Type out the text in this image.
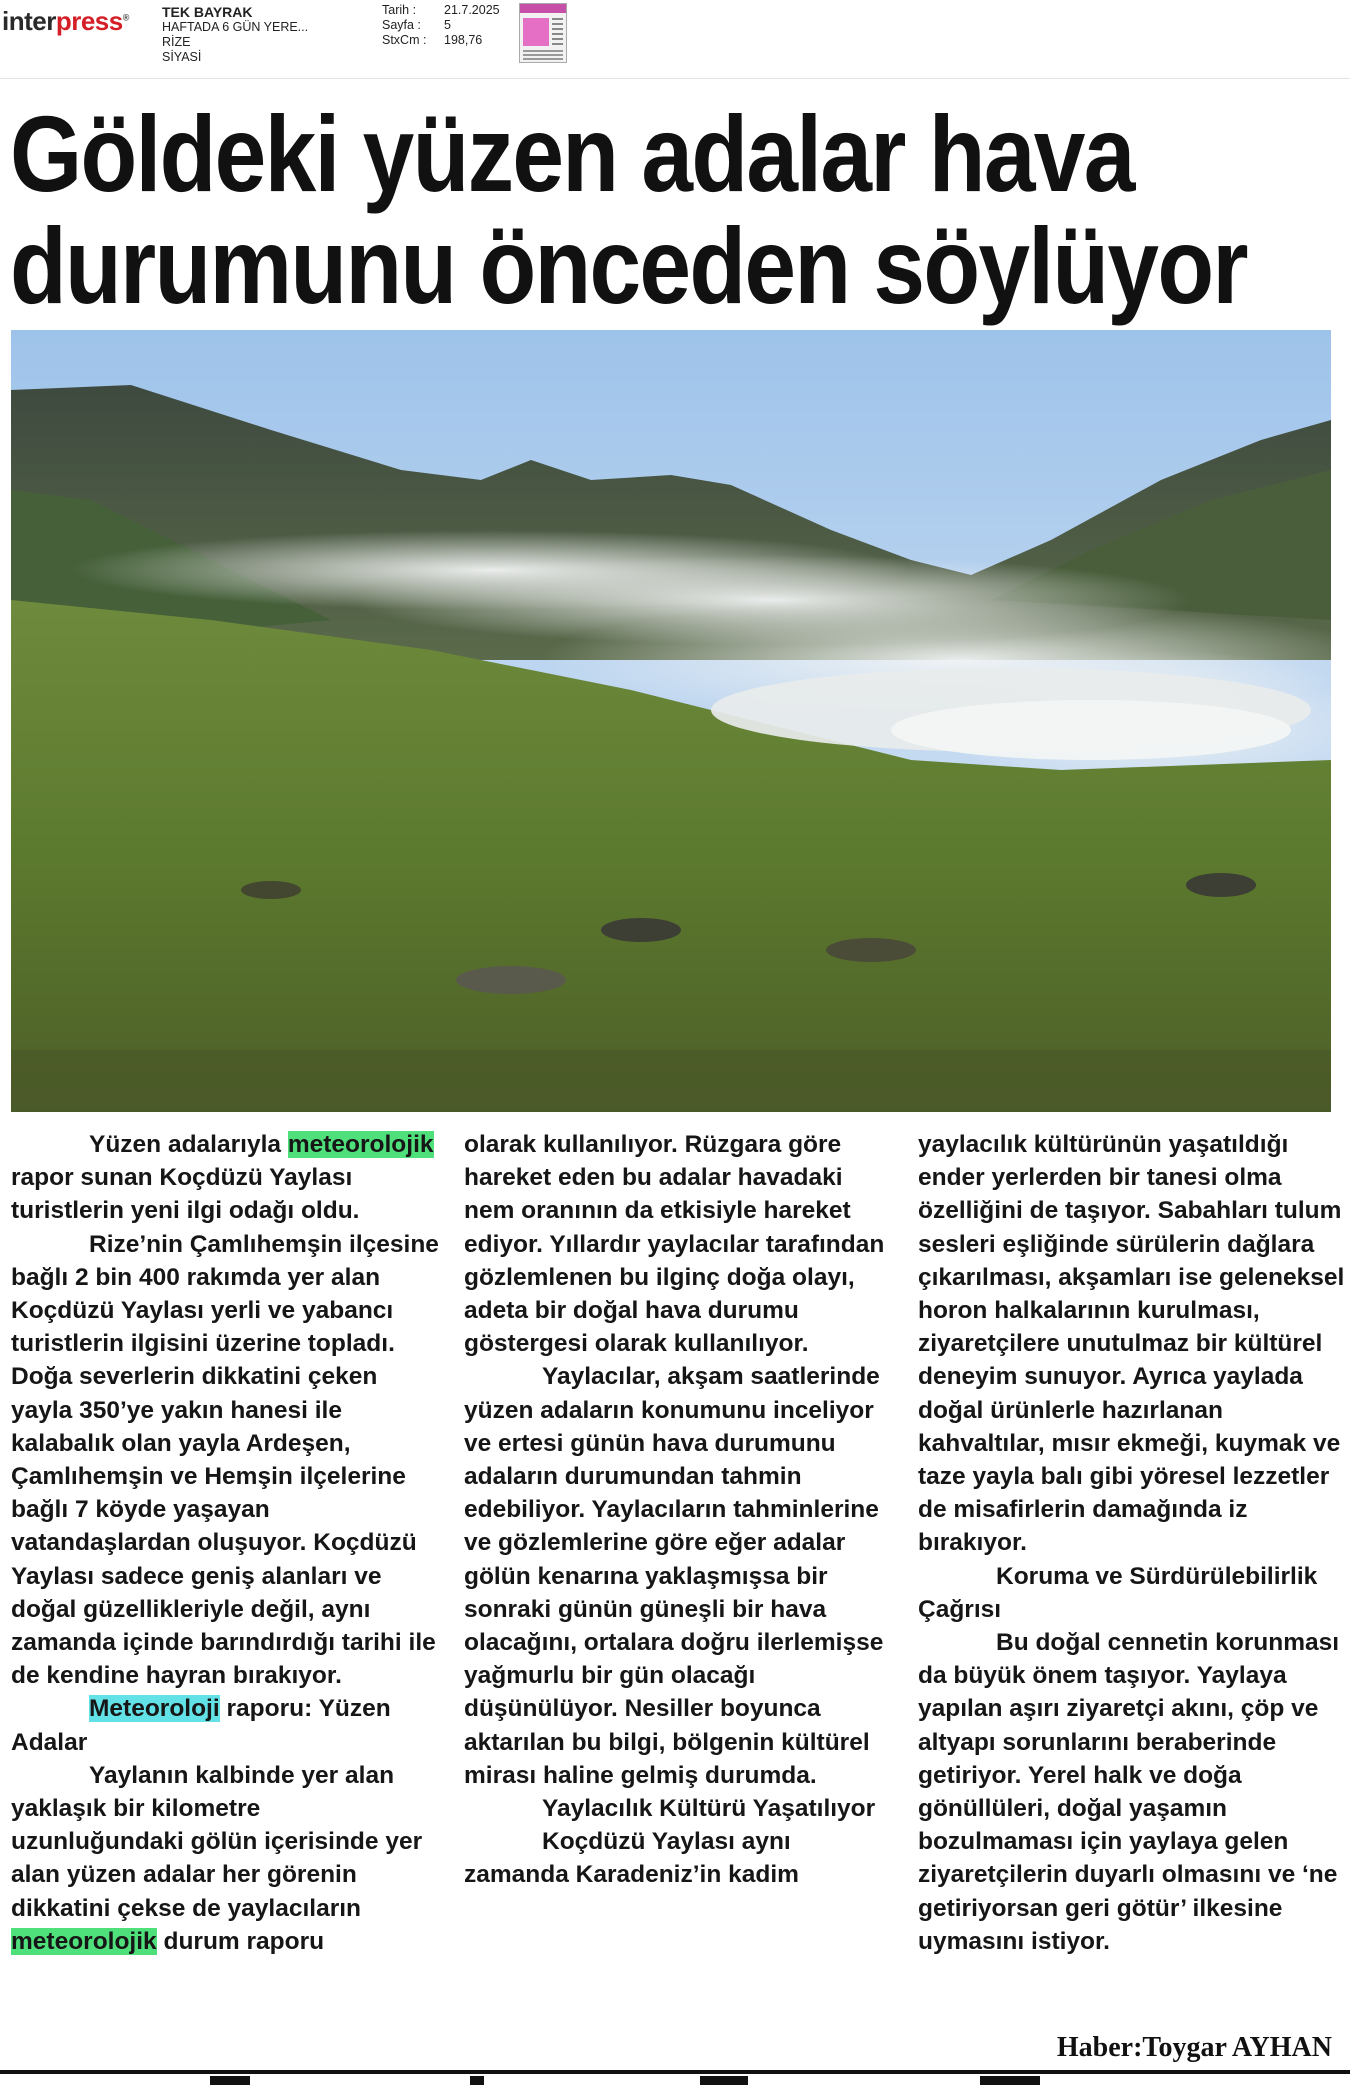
interpress® TEK BAYRAK
HAFTADA 6 GÜN YERE...
RİZE
SİYASİ
Tarih :	21.7.2025
Sayfa :	5
StxCm :	198,76
Göldeki yüzen adalar hava
durumunu önceden söylüyor

Yüzen adalarıyla meteorolojik rapor sunan Koçdüzü Yaylası turistlerin yeni ilgi odağı oldu.

Rize’nin Çamlıhemşin ilçesine bağlı 2 bin 400 rakımda yer alan Koçdüzü Yaylası yerli ve yabancı turistlerin ilgisini üzerine topladı. Doğa severlerin dikkatini çeken yayla 350’ye yakın hanesi ile kalabalık olan yayla Ardeşen, Çamlıhemşin ve Hemşin ilçelerine bağlı 7 köyde yaşayan vatandaşlardan oluşuyor. Koçdüzü Yaylası sadece geniş alanları ve doğal güzellikleriyle değil, aynı zamanda içinde barındırdığı tarihi ile de kendine hayran bırakıyor.

Meteoroloji raporu: Yüzen Adalar

Yaylanın kalbinde yer alan yaklaşık bir kilometre uzunluğundaki gölün içerisinde yer alan yüzen adalar her görenin dikkatini çekse de yaylacıların meteorolojik durum raporu

olarak kullanılıyor. Rüzgara göre hareket eden bu adalar havadaki nem oranının da etkisiyle hareket ediyor. Yıllardır yaylacılar tarafından gözlemlenen bu ilginç doğa olayı, adeta bir doğal hava durumu göstergesi olarak kullanılıyor.

Yaylacılar, akşam saatlerinde yüzen adaların konumunu inceliyor ve ertesi günün hava durumunu adaların durumundan tahmin edebiliyor. Yaylacıların tahminlerine ve gözlemlerine göre eğer adalar gölün kenarına yaklaşmışsa bir sonraki günün güneşli bir hava olacağını, ortalara doğru ilerlemişse yağmurlu bir gün olacağı düşünülüyor. Nesiller boyunca aktarılan bu bilgi, bölgenin kültürel mirası haline gelmiş durumda.

Yaylacılık Kültürü Yaşatılıyor

Koçdüzü Yaylası aynı zamanda Karadeniz’in kadim

yaylacılık kültürünün yaşatıldığı ender yerlerden bir tanesi olma özelliğini de taşıyor. Sabahları tulum sesleri eşliğinde sürülerin dağlara çıkarılması, akşamları ise geleneksel horon halkalarının kurulması, ziyaretçilere unutulmaz bir kültürel deneyim sunuyor. Ayrıca yaylada doğal ürünlerle hazırlanan kahvaltılar, mısır ekmeği, kuymak ve taze yayla balı gibi yöresel lezzetler de misafirlerin damağında iz bırakıyor.

Koruma ve Sürdürülebilirlik Çağrısı

Bu doğal cennetin korunması da büyük önem taşıyor. Yaylaya yapılan aşırı ziyaretçi akını, çöp ve altyapı sorunlarını beraberinde getiriyor. Yerel halk ve doğa gönüllüleri, doğal yaşamın bozulmaması için yaylaya gelen ziyaretçilerin duyarlı olmasını ve ‘ne getiriyorsan geri götür’ ilkesine uymasını istiyor.

Haber:Toygar AYHAN
